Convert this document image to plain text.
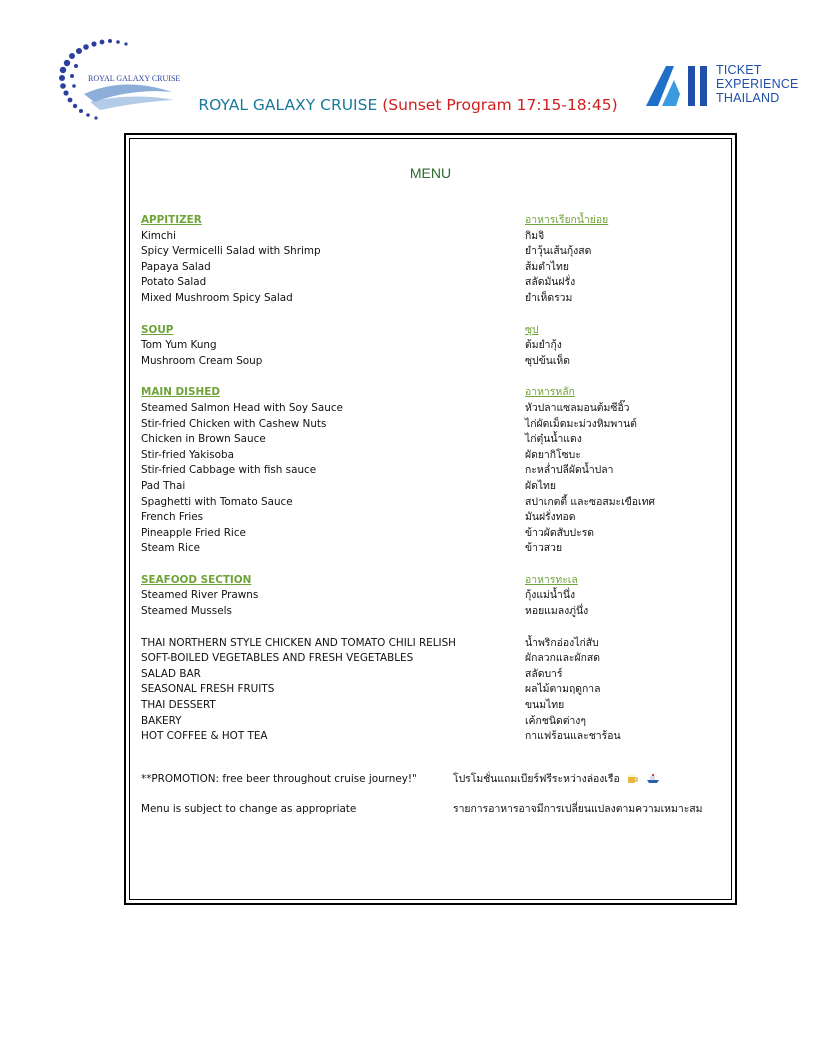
ROYAL GALAXY CRUISE
TICKET
EXPERIENCE
THAILAND
ROYAL GALAXY CRUISE (Sunset Program 17:15-18:45)
MENU
APPITIZER	อาหารเรียกน้ำย่อย
Kimchi	กิมจิ
Spicy Vermicelli Salad with Shrimp	ยำวุ้นเส้นกุ้งสด
Papaya Salad	ส้มตำไทย
Potato Salad	สลัดมันฝรั่ง
Mixed Mushroom Spicy Salad	ยำเห็ดรวม
SOUP	ซุป
Tom Yum Kung	ต้มยำกุ้ง
Mushroom Cream Soup	ซุปข้นเห็ด
MAIN DISHED	อาหารหลัก
Steamed Salmon Head with Soy Sauce	หัวปลาแซลมอนต้มซีอิ๊ว
Stir-fried Chicken with Cashew Nuts	ไก่ผัดเม็ดมะม่วงหิมพานต์
Chicken in Brown Sauce	ไก่ตุ๋นน้ำแดง
Stir-fried Yakisoba	ผัดยากิโซบะ
Stir-fried Cabbage with fish sauce	กะหล่ำปลีผัดน้ำปลา
Pad Thai	ผัดไทย
Spaghetti with Tomato Sauce	สปาเกตตี้ และซอสมะเขือเทศ
French Fries	มันฝรั่งทอด
Pineapple Fried Rice	ข้าวผัดสับปะรด
Steam Rice	ข้าวสวย
SEAFOOD SECTION	อาหารทะเล
Steamed River Prawns	กุ้งแม่น้ำนึ่ง
Steamed Mussels	หอยแมลงภู่นึ่ง
THAI NORTHERN STYLE CHICKEN AND TOMATO CHILI RELISH	น้ำพริกอ่องไก่สับ
SOFT-BOILED VEGETABLES AND FRESH VEGETABLES	ผักลวกและผักสด
SALAD BAR	สลัดบาร์
SEASONAL FRESH FRUITS	ผลไม้ตามฤดูกาล
THAI DESSERT	ขนมไทย
BAKERY	เค้กชนิดต่างๆ
HOT COFFEE & HOT TEA	กาแฟร้อนและชาร้อน
**PROMOTION: free beer throughout cruise journey!"	โปรโมชั่นแถมเบียร์ฟรีระหว่างล่องเรือ
Menu is subject to change as appropriate	รายการอาหารอาจมีการเปลี่ยนแปลงตามความเหมาะสม
